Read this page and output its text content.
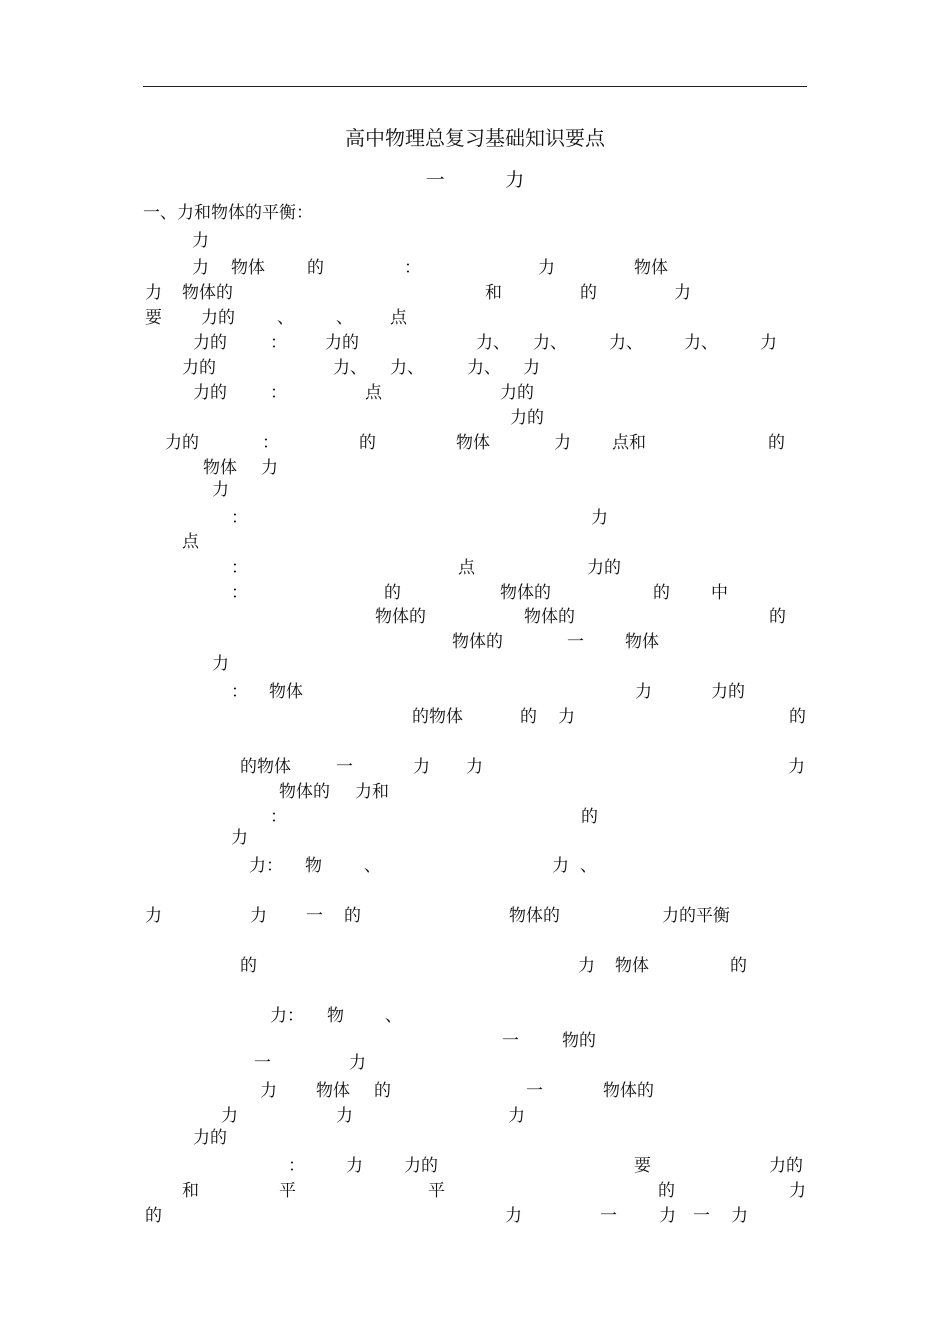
高中物理总复习基础知识要点
一          力
一、力和物体的平衡：
力
力 物体 的	：	力	物体
力 物体的	和	的	力
要 力的 、 、 点
力的	： 力的	力、 力、 力、 力、 力
力的	力、 力、	力、 力
力的	：	点	力的
力的
力的	：	的	物体	力 点和	的
物体 力
力
：	力
点
：	点	力的
：	的	物体的	的 中
物体的	物体的	的
物体的	一 物体
力
： 物体	力	力的
的物体	的 力	的
的物体	一	力 力	力
物体的 力和
：	的
力
力： 物 、	力 、
力	力 一 的	物体的	力的平衡
的	力 物体	的
力： 物 、
一	物的
一	力
力 物体 的	一	物体的
力	力	力
力的
： 力 力的	要	力的
和	平	平	的	力
的	力	一 力 一 力
